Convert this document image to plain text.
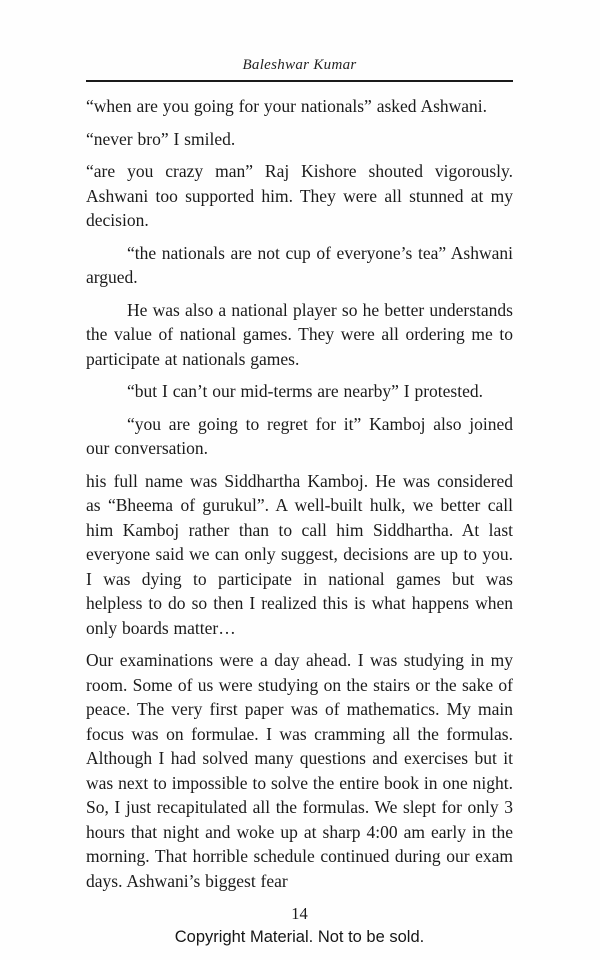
Baleshwar Kumar

“when are you going for your nationals” asked Ashwani.

“never bro” I smiled.

“are you crazy man” Raj Kishore shouted vigorously. Ashwani too supported him. They were all stunned at my decision.

“the nationals are not cup of everyone’s tea” Ashwani argued.

He was also a national player so he better understands the value of national games. They were all ordering me to participate at nationals games.

“but I can’t our mid-terms are nearby” I protested.

“you are going to regret for it” Kamboj also joined our conversation.

his full name was Siddhartha Kamboj. He was considered as “Bheema of gurukul”. A well-built hulk, we better call him Kamboj rather than to call him Siddhartha. At last everyone said we can only suggest, decisions are up to you. I was dying to participate in national games but was helpless to do so then I realized this is what happens when only boards matter…

Our examinations were a day ahead. I was studying in my room. Some of us were studying on the stairs or the sake of peace. The very first paper was of mathematics. My main focus was on formulae. I was cramming all the formulas. Although I had solved many questions and exercises but it was next to impossible to solve the entire book in one night. So, I just recapitulated all the formulas. We slept for only 3 hours that night and woke up at sharp 4:00 am early in the morning. That horrible schedule continued during our exam days. Ashwani’s biggest fear

14
Copyright Material. Not to be sold.
